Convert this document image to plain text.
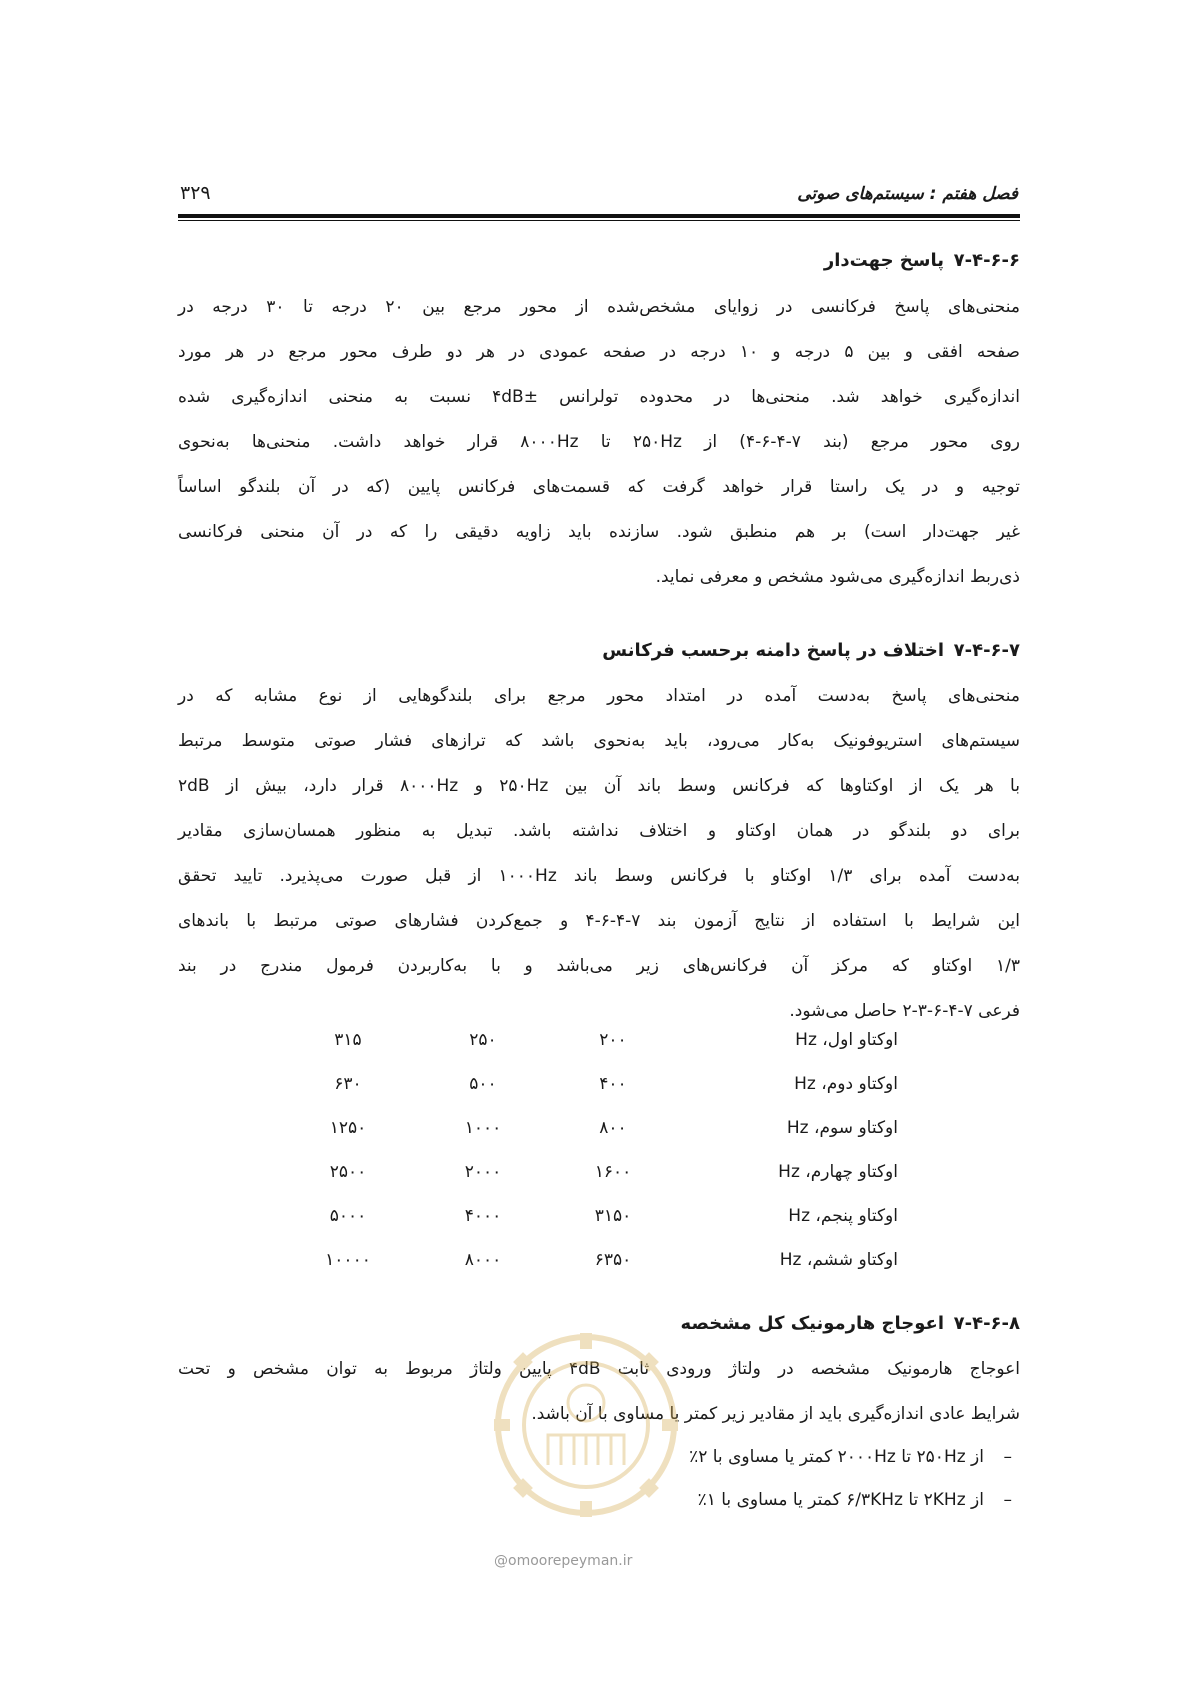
فصل هفتم : سیستم‌های صوتی
۳۲۹
۷-۴-۶-۶
پاسخ جهت‌دار
منحنی‌های پاسخ فرکانسی در زوایای مشخص‌شده از محور مرجع بین ۲۰ درجه تا ۳۰ درجه در
صفحه افقی و بین ۵ درجه و ۱۰ درجه در صفحه عمودی در هر دو طرف محور مرجع در هر مورد
اندازه‌گیری خواهد شد. منحنی‌ها در محدوده تولرانس ±۴dB نسبت به منحنی اندازه‌گیری شده
روی محور مرجع (بند ۷-۴-۶-۴) از ۲۵۰Hz تا ۸۰۰۰Hz قرار خواهد داشت. منحنی‌ها به‌نحوی
توجیه و در یک راستا قرار خواهد گرفت که قسمت‌های فرکانس پایین (که در آن بلندگو اساساً
غیر جهت‌دار است) بر هم منطبق شود. سازنده باید زاویه دقیقی را که در آن منحنی فرکانسی
ذی‌ربط اندازه‌گیری می‌شود مشخص و معرفی نماید.
۷-۴-۶-۷
اختلاف در پاسخ دامنه برحسب فرکانس
منحنی‌های پاسخ به‌دست آمده در امتداد محور مرجع برای بلندگوهایی از نوع مشابه که در
سیستم‌های استریوفونیک به‌کار می‌رود، باید به‌نحوی باشد که ترازهای فشار صوتی متوسط مرتبط
با هر یک از اوکتاوها که فرکانس وسط باند آن بین ۲۵۰Hz و ۸۰۰۰Hz قرار دارد، بیش از ۲dB
برای دو بلندگو در همان اوکتاو و اختلاف نداشته باشد. تبدیل به منظور همسان‌سازی مقادیر
به‌دست آمده برای ۱/۳ اوکتاو با فرکانس وسط باند ۱۰۰۰Hz از قبل صورت می‌پذیرد. تایید تحقق
این شرایط با استفاده از نتایج آزمون بند ۷-۴-۶-۴ و جمع‌کردن فشارهای صوتی مرتبط با باندهای
۱/۳ اوکتاو که مرکز آن فرکانس‌های زیر می‌باشد و با به‌کاربردن فرمول مندرج در بند
فرعی ۷-۴-۶-۳-۲ حاصل می‌شود.
اوکتاو اول، Hz
۲۰۰
۲۵۰
۳۱۵
اوکتاو دوم، Hz
۴۰۰
۵۰۰
۶۳۰
اوکتاو سوم، Hz
۸۰۰
۱۰۰۰
۱۲۵۰
اوکتاو چهارم، Hz
۱۶۰۰
۲۰۰۰
۲۵۰۰
اوکتاو پنجم، Hz
۳۱۵۰
۴۰۰۰
۵۰۰۰
اوکتاو ششم، Hz
۶۳۵۰
۸۰۰۰
۱۰۰۰۰
۷-۴-۶-۸
اعوجاج هارمونیک کل مشخصه
اعوجاج هارمونیک مشخصه در ولتاژ ورودی ثابت ۴dB پایین ولتاژ مربوط به توان مشخص و تحت
شرایط عادی اندازه‌گیری باید از مقادیر زیر کمتر یا مساوی با آن باشد.
–از ۲۵۰Hz تا ۲۰۰۰Hz کمتر یا مساوی با ۲٪
–از ۲KHz تا ۶/۳KHz کمتر یا مساوی با ۱٪
@omoorepeyman.ir
